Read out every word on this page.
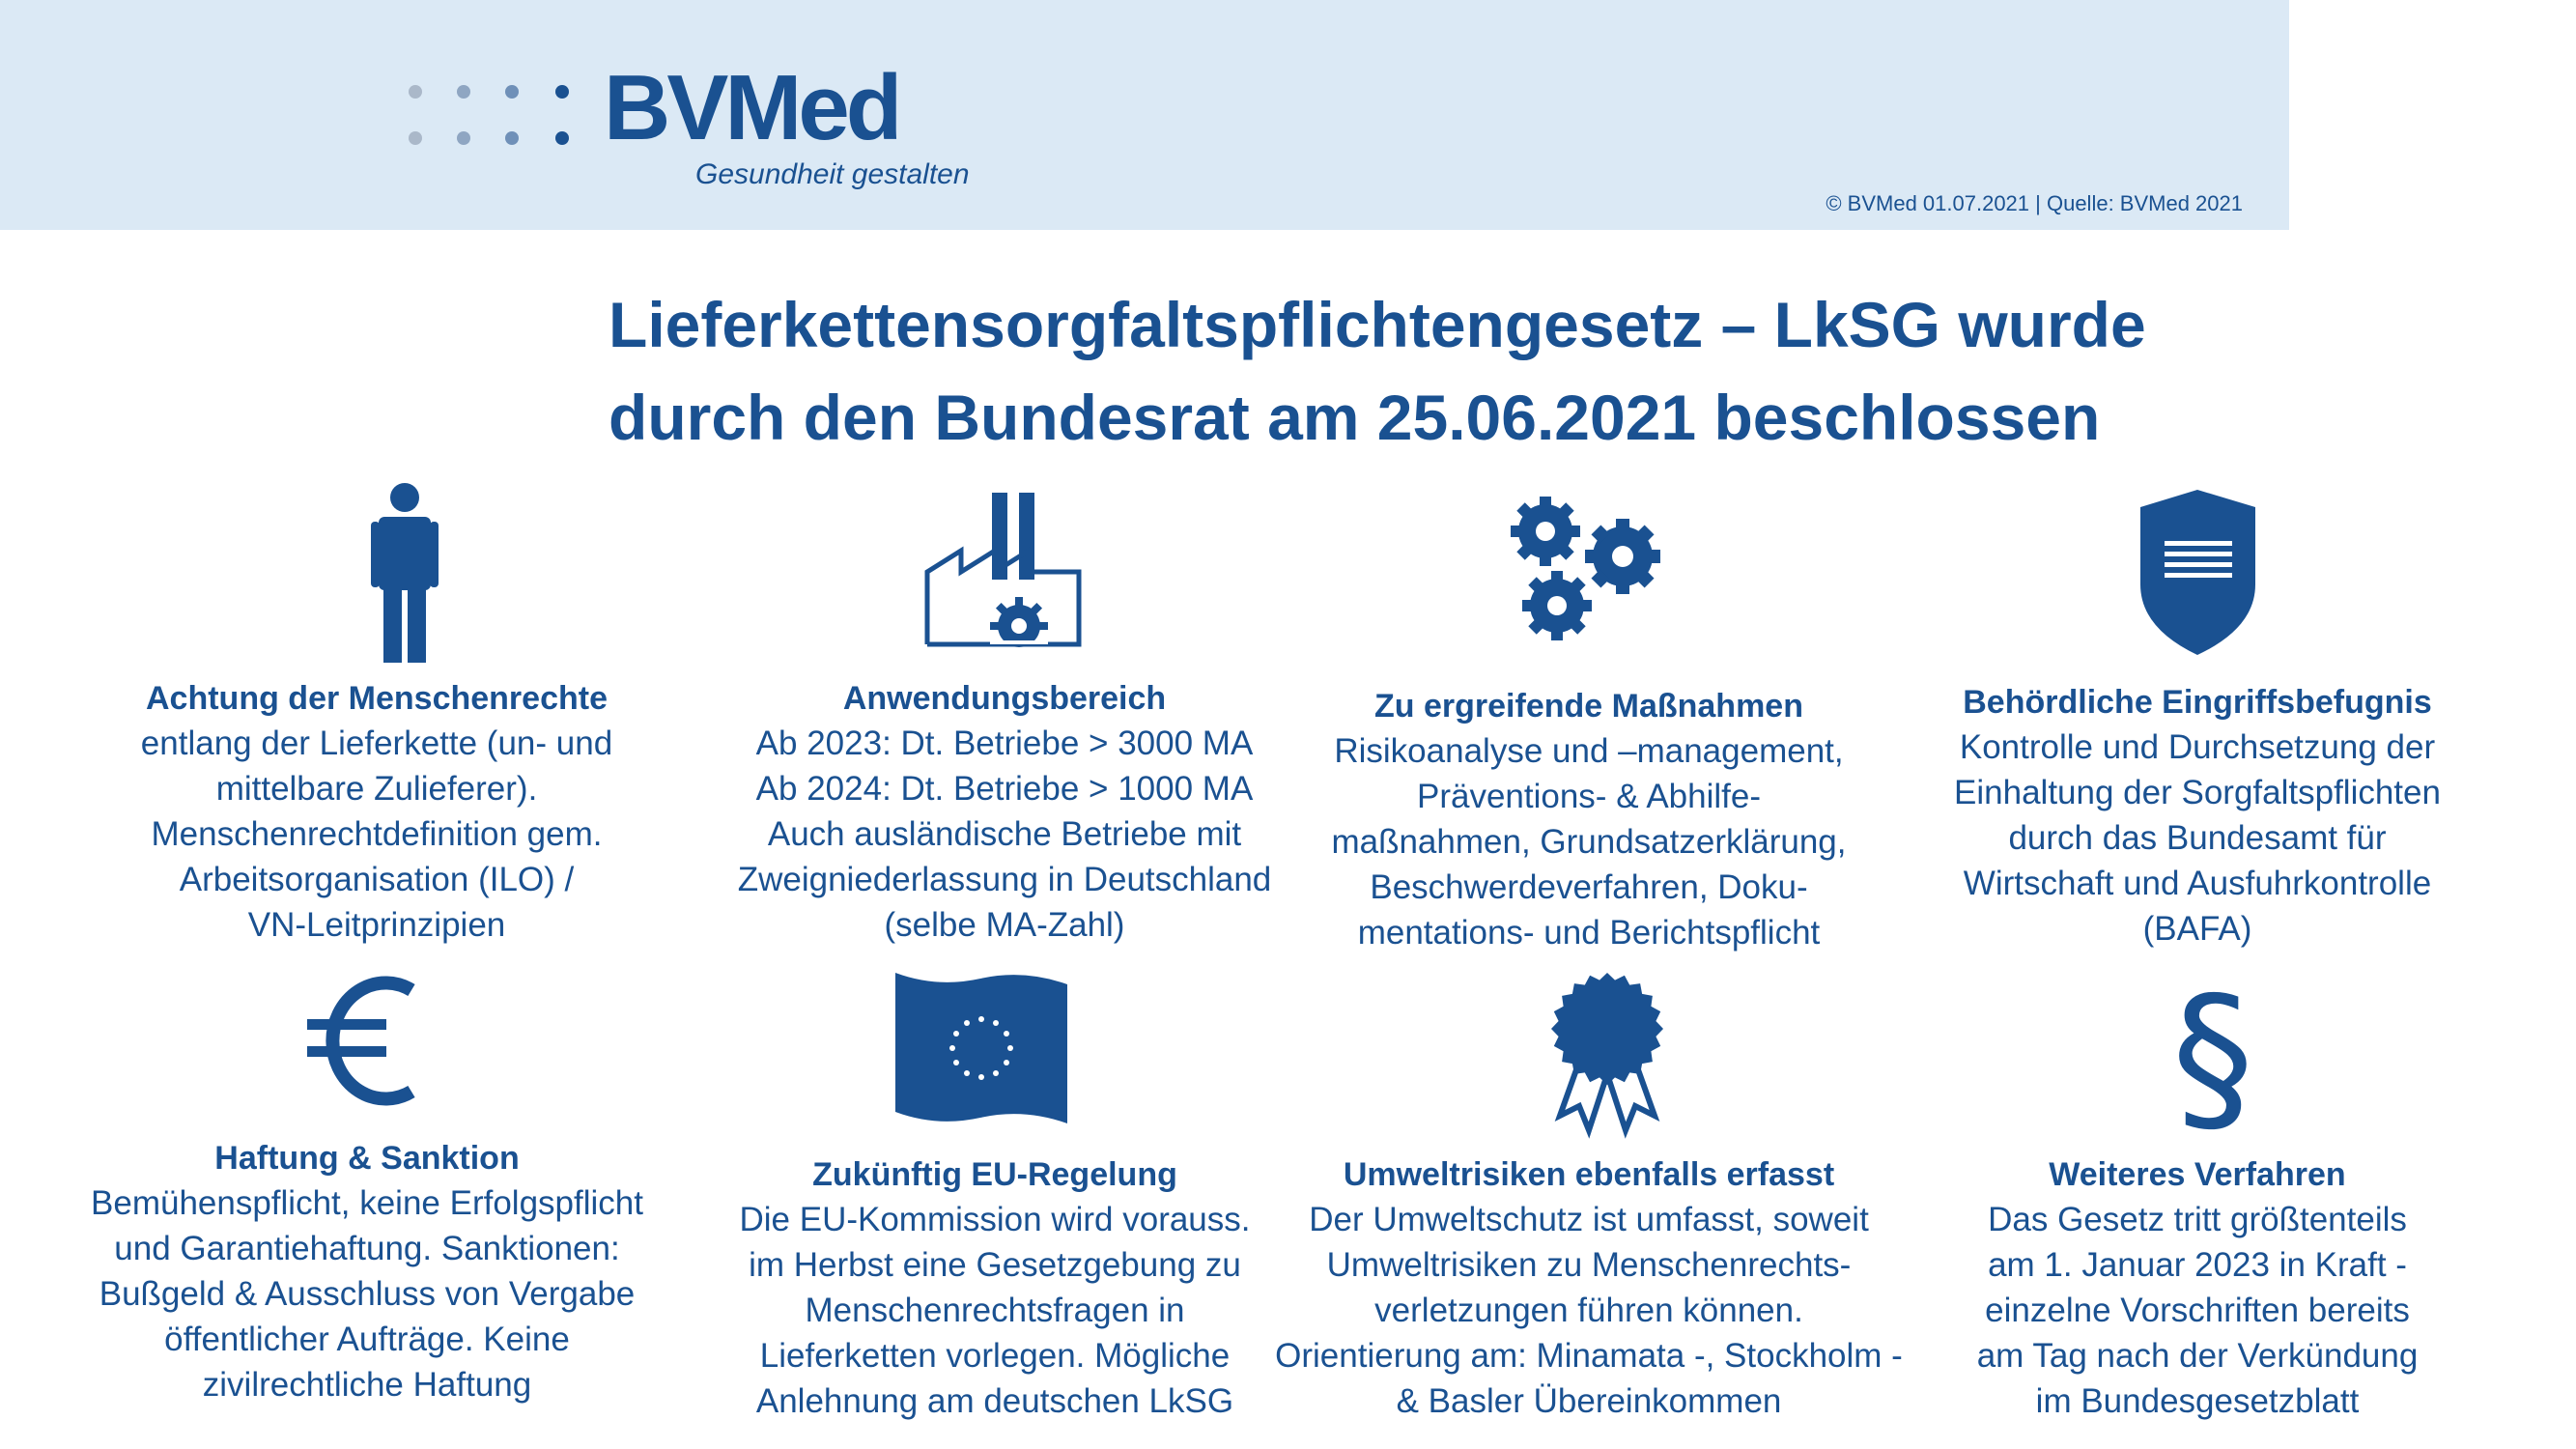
BVMed
Gesundheit gestalten
© BVMed 01.07.2021 | Quelle: BVMed 2021
Lieferkettensorgfaltspflichtengesetz – LkSG wurde
durch den Bundesrat am 25.06.2021 beschlossen
§
Achtung der Menschenrechte
entlang der Lieferkette (un- und
mittelbare Zulieferer).
Menschenrechtdefinition gem.
Arbeitsorganisation (ILO) /
VN-Leitprinzipien
Anwendungsbereich
Ab 2023: Dt. Betriebe > 3000 MA
Ab 2024: Dt. Betriebe > 1000 MA
Auch ausländische Betriebe mit
Zweigniederlassung in Deutschland
(selbe MA-Zahl)
Zu ergreifende Maßnahmen
Risikoanalyse und –management,
Präventions- & Abhilfe-
maßnahmen, Grundsatzerklärung,
Beschwerdeverfahren, Doku-
mentations- und Berichtspflicht
Behördliche Eingriffsbefugnis
Kontrolle und Durchsetzung der
Einhaltung der Sorgfaltspflichten
durch das Bundesamt für
Wirtschaft und Ausfuhrkontrolle
(BAFA)
Haftung & Sanktion
Bemühenspflicht, keine Erfolgspflicht
und Garantiehaftung. Sanktionen:
Bußgeld & Ausschluss von Vergabe
öffentlicher Aufträge. Keine
zivilrechtliche Haftung
Zukünftig EU-Regelung
Die EU-Kommission wird vorauss.
im Herbst eine Gesetzgebung zu
Menschenrechtsfragen in
Lieferketten vorlegen. Mögliche
Anlehnung am deutschen LkSG
Umweltrisiken ebenfalls erfasst
Der Umweltschutz ist umfasst, soweit
Umweltrisiken zu Menschenrechts-
verletzungen führen können.
Orientierung am: Minamata -, Stockholm -
& Basler Übereinkommen
Weiteres Verfahren
Das Gesetz tritt größtenteils
am 1. Januar 2023 in Kraft -
einzelne Vorschriften bereits
am Tag nach der Verkündung
im Bundesgesetzblatt
